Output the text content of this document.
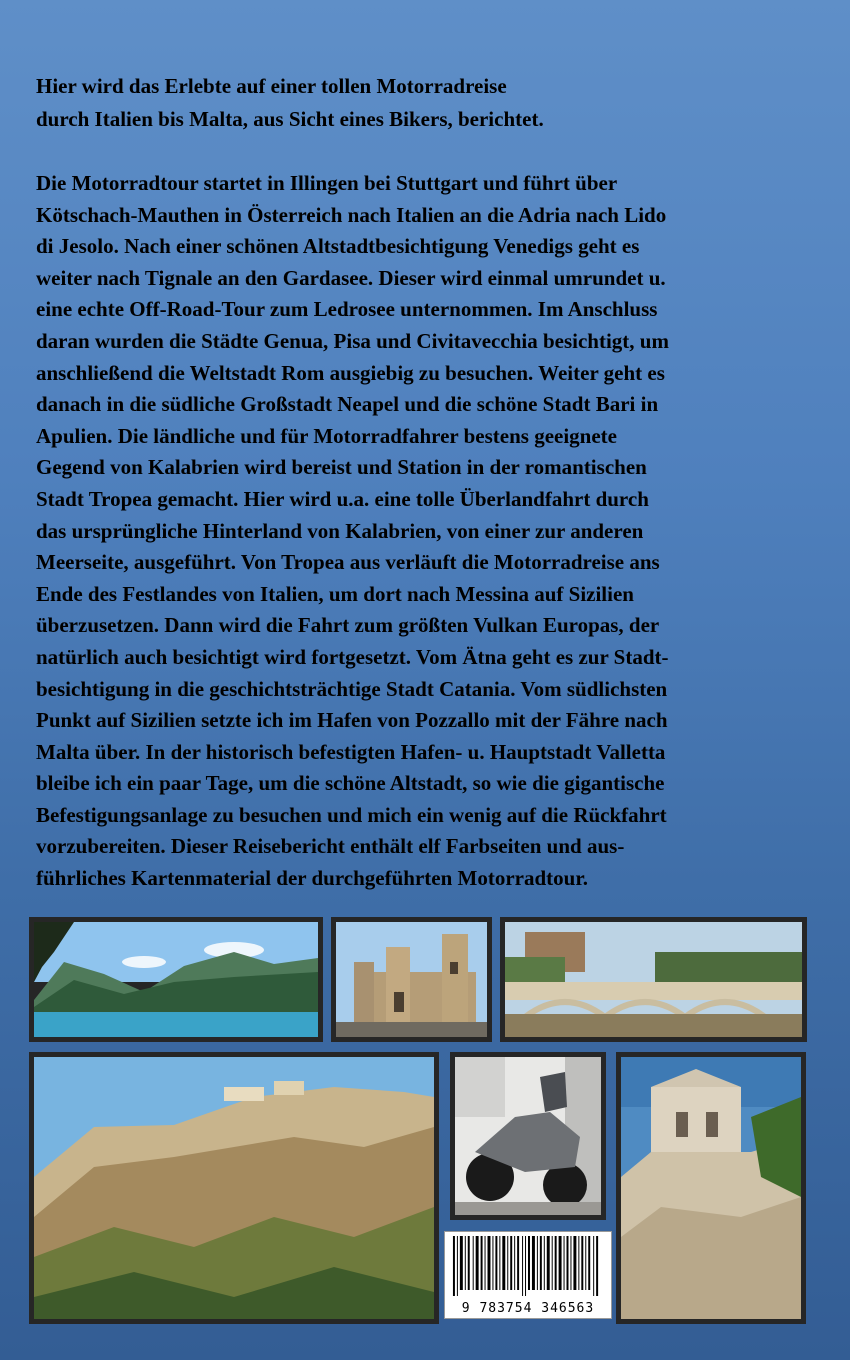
Hier wird das Erlebte auf einer tollen Motorradreise
durch Italien bis Malta, aus Sicht eines Bikers, berichtet.
Die Motorradtour startet in Illingen bei Stuttgart und führt über
Kötschach-Mauthen in Österreich nach Italien an die Adria nach Lido
di Jesolo. Nach einer schönen Altstadtbesichtigung Venedigs geht es
weiter nach Tignale an den Gardasee. Dieser wird einmal umrundet u.
eine echte Off-Road-Tour zum Ledrosee unternommen. Im Anschluss
daran wurden die Städte Genua, Pisa und Civitavecchia besichtigt, um
anschließend die Weltstadt Rom ausgiebig zu besuchen. Weiter geht es
danach in die südliche Großstadt Neapel und die schöne Stadt Bari in
Apulien. Die ländliche und für Motorradfahrer bestens geeignete
Gegend von Kalabrien wird bereist und Station in der romantischen
Stadt Tropea gemacht. Hier wird u.a. eine tolle Überlandfahrt durch
das ursprüngliche Hinterland von Kalabrien, von einer zur anderen
Meerseite, ausgeführt. Von Tropea aus verläuft die Motorradreise ans
Ende des Festlandes von Italien, um dort nach Messina auf Sizilien
überzusetzen. Dann wird die Fahrt zum größten Vulkan Europas, der
natürlich auch besichtigt wird fortgesetzt. Vom Ätna geht es zur Stadt-
besichtigung in die geschichtsträchtige Stadt Catania. Vom südlichsten
Punkt auf Sizilien setzte ich im Hafen von Pozzallo mit der Fähre nach
Malta über. In der historisch befestigten Hafen- u. Hauptstadt Valletta
bleibe ich ein paar Tage, um die schöne Altstadt, so wie die gigantische
Befestigungsanlage zu besuchen und mich ein wenig auf die Rückfahrt
vorzubereiten. Dieser Reisebericht enthält elf Farbseiten und aus-
führliches Kartenmaterial der durchgeführten Motorradtour.
9 783754 346563
